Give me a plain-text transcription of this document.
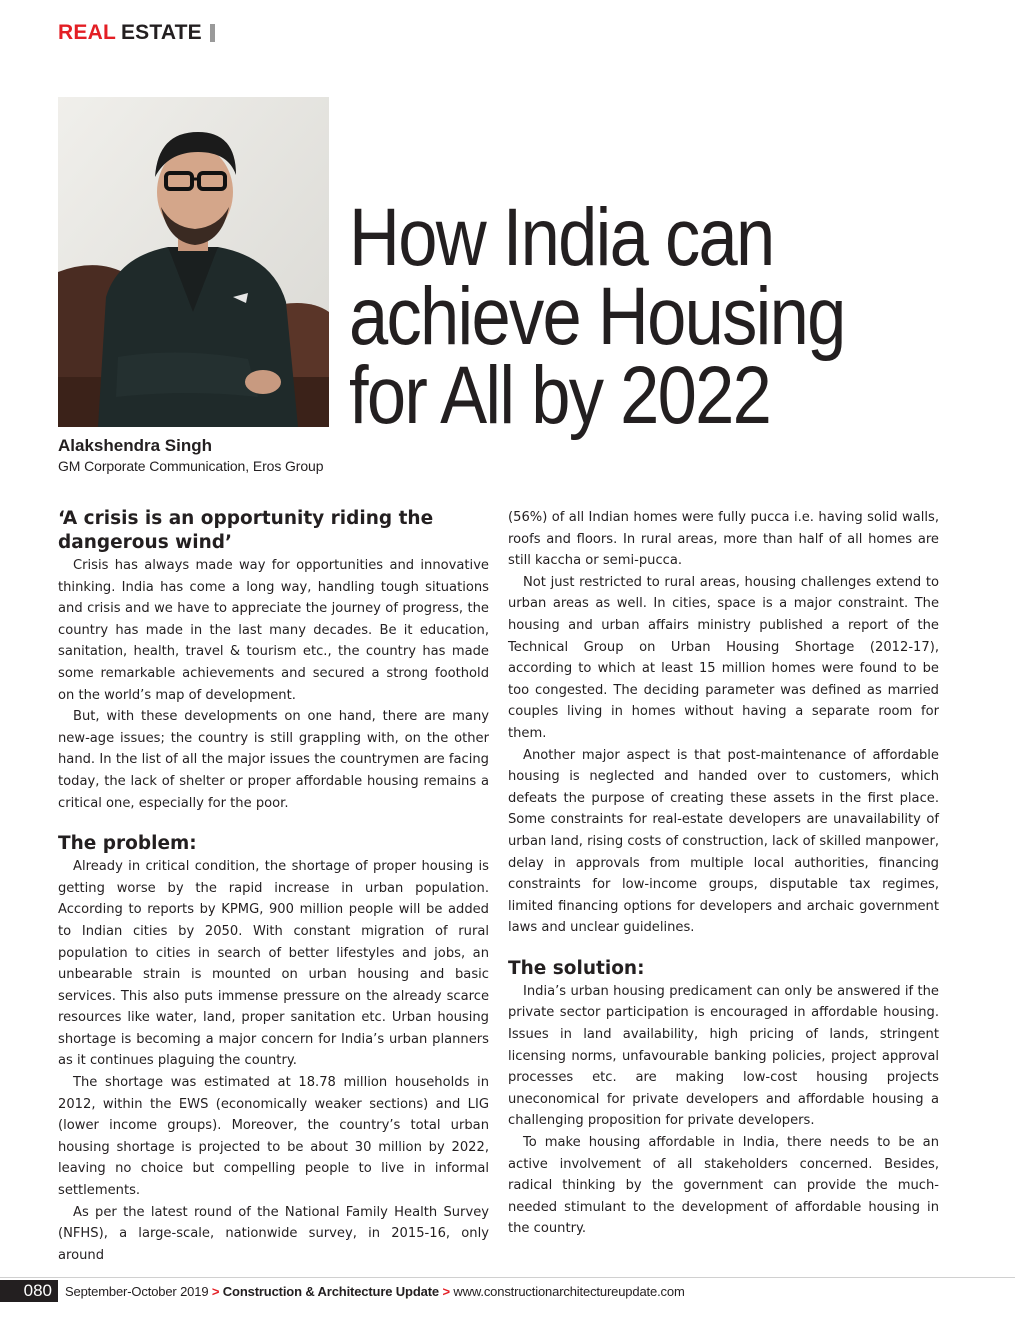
REAL ESTATE
Alakshendra Singh
GM Corporate Communication, Eros Group
How India can
achieve Housing
for All by 2022
‘A crisis is an opportunity riding the dangerous wind’

Crisis has always made way for opportunities and innovative thinking. India has come a long way, handling tough situations and crisis and we have to appreciate the journey of progress, the country has made in the last many decades. Be it education, sanitation, health, travel & tourism etc., the country has made some remarkable achievements and secured a strong foothold on the world’s map of development.

But, with these developments on one hand, there are many new-age issues; the country is still grappling with, on the other hand. In the list of all the major issues the countrymen are facing today, the lack of shelter or proper affordable housing remains a critical one, especially for the poor.

The problem:

Already in critical condition, the shortage of proper housing is getting worse by the rapid increase in urban population. According to reports by KPMG, 900 million people will be added to Indian cities by 2050. With constant migration of rural population to cities in search of better lifestyles and jobs, an unbearable strain is mounted on urban housing and basic services. This also puts immense pressure on the already scarce resources like water, land, proper sanitation etc. Urban housing shortage is becoming a major concern for India’s urban planners as it continues plaguing the country.

The shortage was estimated at 18.78 million households in 2012, within the EWS (economically weaker sections) and LIG (lower income groups). Moreover, the country’s total urban housing shortage is projected to be about 30 million by 2022, leaving no choice but compelling people to live in informal settlements.

As per the latest round of the National Family Health Survey (NFHS), a large-scale, nationwide survey, in 2015-16, only around

(56%) of all Indian homes were fully pucca i.e. having solid walls, roofs and floors. In rural areas, more than half of all homes are still kaccha or semi-pucca.

Not just restricted to rural areas, housing challenges extend to urban areas as well. In cities, space is a major constraint. The housing and urban affairs ministry published a report of the Technical Group on Urban Housing Shortage (2012-17), according to which at least 15 million homes were found to be too congested. The deciding parameter was defined as married couples living in homes without having a separate room for them.

Another major aspect is that post-maintenance of affordable housing is neglected and handed over to customers, which defeats the purpose of creating these assets in the first place. Some constraints for real-estate developers are unavailability of urban land, rising costs of construction, lack of skilled manpower, delay in approvals from multiple local authorities, financing constraints for low-income groups, disputable tax regimes, limited financing options for developers and archaic government laws and unclear guidelines.

The solution:

India’s urban housing predicament can only be answered if the private sector participation is encouraged in affordable housing. Issues in land availability, high pricing of lands, stringent licensing norms, unfavourable banking policies, project approval processes etc. are making low-cost housing projects uneconomical for private developers and affordable housing a challenging proposition for private developers.

To make housing affordable in India, there needs to be an active involvement of all stakeholders concerned. Besides, radical thinking by the government can provide the much-needed stimulant to the development of affordable housing in the country.

080	September-October 2019 > Construction & Architecture Update > www.constructionarchitectureupdate.com
